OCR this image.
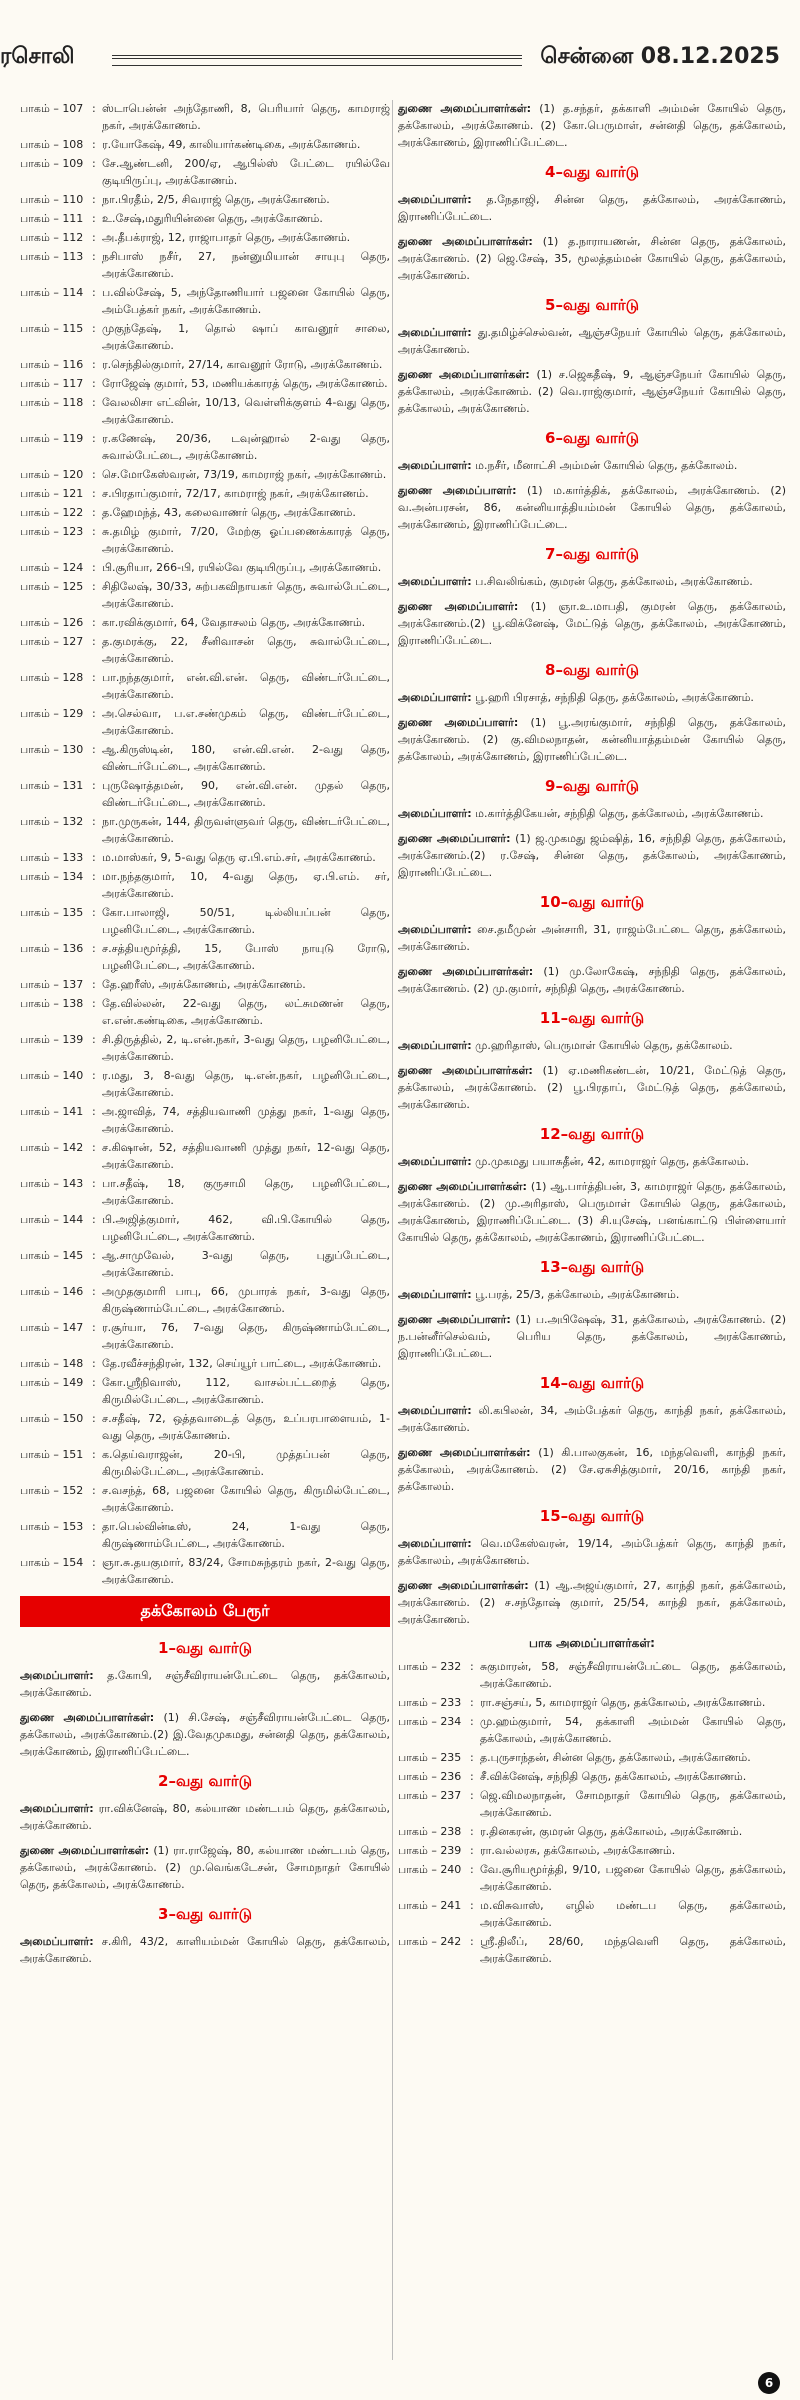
ரசொலி	சென்னை 08.12.2025
பாகம் – 107 : ஸ்டாபென்ன் அந்தோணி, 8, பெரியார் தெரு, காமராஜ் நகர், அரக்கோணம்.
பாகம் – 108 : ர.யோகேஷ், 49, காலியார்கண்டிகை, அரக்கோணம்.
பாகம் – 109 : சே.ஆண்டனி, 200/ஏ, ஆபில்ஸ் பேட்டை ரயில்வே குடியிருப்பு, அரக்கோணம்.
பாகம் – 110 : நா.பிரதீம், 2/5, சிவராஜ் தெரு, அரக்கோணம்.
பாகம் – 111 : உ.சேஷ்,மதுரியின்னை தெரு, அரக்கோணம்.
பாகம் – 112 : அ.தீபக்ராஜ், 12, ராஜாபாதர் தெரு, அரக்கோணம்.
பாகம் – 113 : நசிபாஸ் நசீர், 27, நன்னுமியான் சாயுபு தெரு, அரக்கோணம்.
பாகம் – 114 : ப.வில்சேஷ், 5, அந்தோணியார் பஜனை கோயில் தெரு, அம்பேத்கர் நகர், அரக்கோணம்.
பாகம் – 115 : முகுந்தேஷ், 1, தொல் ஷாப் காவனூர் சாலை, அரக்கோணம்.
பாகம் – 116 : ர.செந்தில்குமார், 27/14, காவனூர் ரோடு, அரக்கோணம்.
பாகம் – 117 : ரோஜேஷ் குமார், 53, மணியக்காரத் தெரு, அரக்கோணம்.
பாகம் – 118 : வேலலிசா எட்வின், 10/13, வெள்ளிக்குளம் 4-வது தெரு, அரக்கோணம்.
பாகம் – 119 : ர.கணேஷ், 20/36, டவுன்ஹால் 2-வது தெரு, சுவால்பேட்டை, அரக்கோணம்.
பாகம் – 120 : செ.மோகேஸ்வரன், 73/19, காமராஜ் நகர், அரக்கோணம்.
பாகம் – 121 : ச.பிரதாப்குமார், 72/17, காமராஜ் நகர், அரக்கோணம்.
பாகம் – 122 : த.ஹேமந்த், 43, கலைவாணர் தெரு, அரக்கோணம்.
பாகம் – 123 : சு.தமிழ் குமார், 7/20, மேற்கு ஓப்பணைக்காரத் தெரு, அரக்கோணம்.
பாகம் – 124 : பி.சூரியா, 266-பி, ரயில்வே குடியிருப்பு, அரக்கோணம்.
பாகம் – 125 : சிதிலேஷ், 30/33, சுற்பகவிநாயகர் தெரு, சுவால்பேட்டை, அரக்கோணம்.
பாகம் – 126 : கா.ரவிக்குமார், 64, வேதாசலம் தெரு, அரக்கோணம்.
பாகம் – 127 : த.குமரக்கு, 22, சீனிவாசன் தெரு, சுவால்பேட்டை, அரக்கோணம்.
பாகம் – 128 : பா.நந்தகுமார், என்.வி.என். தெரு, விண்டர்பேட்டை, அரக்கோணம்.
பாகம் – 129 : அ.செல்வா, ப.எ.சண்முகம் தெரு, விண்டர்பேட்டை, அரக்கோணம்.
பாகம் – 130 : ஆ.கிருஸ்டின், 180, என்.வி.என். 2-வது தெரு, விண்டர்பேட்டை, அரக்கோணம்.
பாகம் – 131 : புருஷோத்தமன், 90, என்.வி.என். முதல் தெரு, விண்டர்பேட்டை, அரக்கோணம்.
பாகம் – 132 : நா.முருகன், 144, திருவள்ளுவர் தெரு, விண்டர்பேட்டை, அரக்கோணம்.
பாகம் – 133 : ம.மாஸ்கர், 9, 5-வது தெரு ஏ.பி.எம்.சர், அரக்கோணம்.
பாகம் – 134 : மா.நந்தகுமார், 10, 4-வது தெரு, ஏ.பி.எம். சர், அரக்கோணம்.
பாகம் – 135 : கோ.பாலாஜி, 50/51, டில்லியப்பன் தெரு, பழனிபேட்டை, அரக்கோணம்.
பாகம் – 136 : ச.சத்தியமூர்த்தி, 15, போஸ் நாயுடு ரோடு, பழனிபேட்டை, அரக்கோணம்.
பாகம் – 137 : தே.ஹரீஸ், அரக்கோணம், அரக்கோணம்.
பாகம் – 138 : தே.வில்லன், 22-வது தெரு, லட்சுமணன் தெரு, எ.என்.கண்டிகை, அரக்கோணம்.
பாகம் – 139 : சி.திருத்தில், 2, டி.என்.நகர், 3-வது தெரு, பழனிபேட்டை, அரக்கோணம்.
பாகம் – 140 : ர.மது, 3, 8-வது தெரு, டி.என்.நகர், பழனிபேட்டை, அரக்கோணம்.
பாகம் – 141 : அ.ஜாவித், 74, சத்தியவாணி முத்து நகர், 1-வது தெரு, அரக்கோணம்.
பாகம் – 142 : ச.கிஷான், 52, சத்தியவாணி முத்து நகர், 12-வது தெரு, அரக்கோணம்.
பாகம் – 143 : பா.சதீஷ், 18, குருசாமி தெரு, பழனிபேட்டை, அரக்கோணம்.
பாகம் – 144 : பி.அஜித்குமார், 462, வி.பி.கோயில் தெரு, பழனிபேட்டை, அரக்கோணம்.
பாகம் – 145 : ஆ.சாமுவேல், 3-வது தெரு, புதுப்பேட்டை, அரக்கோணம்.
பாகம் – 146 : அமுதகுமாரி பாபு, 66, முபாரக் நகர், 3-வது தெரு, கிருஷ்ணாம்பேட்டை, அரக்கோணம்.
பாகம் – 147 : ர.சூர்யா, 76, 7-வது தெரு, கிருஷ்ணாம்பேட்டை, அரக்கோணம்.
பாகம் – 148 : தே.ரவீச்சந்திரன், 132, செய்யூர் பாட்டை, அரக்கோணம்.
பாகம் – 149 : கோ.ஸ்ரீநிவாஸ், 112, வாசல்பட்டறைத் தெரு, கிருமில்பேட்டை, அரக்கோணம்.
பாகம் – 150 : ச.சதீஷ், 72, ஒத்தவாடைத் தெரு, உப்பரபாளையம், 1-வது தெரு, அரக்கோணம்.
பாகம் – 151 : க.தெய்வராஜன், 20-பி, முத்தப்பன் தெரு, கிருமில்பேட்டை, அரக்கோணம்.
பாகம் – 152 : ச.வசந்த், 68, பஜனை கோயில் தெரு, கிருமில்பேட்டை, அரக்கோணம்.
பாகம் – 153 : தா.பெல்வின்டீஸ், 24, 1-வது தெரு, கிருஷ்ணாம்பேட்டை, அரக்கோணம்.
பாகம் – 154 : ஞா.சு.தயகுமார், 83/24, சோமசுந்தரம் நகர், 2-வது தெரு, அரக்கோணம்.
தக்கோலம் பேரூர்
1–வது வார்டு

அமைப்பாளர்: த.கோபி, சஞ்சீவிராயன்பேட்டை தெரு, தக்கோலம், அரக்கோணம்.

துணை அமைப்பாளர்கள்: (1) சி.சேஷ், சஞ்சீவிராயன்பேட்டை தெரு, தக்கோலம், அரக்கோணம்.(2) இ.வேதமுகமது, சன்னதி தெரு, தக்கோலம், அரக்கோணம், இராணிப்பேட்டை.

2–வது வார்டு

அமைப்பாளர்: ரா.விக்னேஷ், 80, கல்யாண மண்டபம் தெரு, தக்கோலம், அரக்கோணம்.

துணை அமைப்பாளர்கள்: (1) ரா.ராஜேஷ், 80, கல்யாண மண்டபம் தெரு, தக்கோலம், அரக்கோணம். (2) மு.வெங்கடேசன், சோமநாதர் கோயில் தெரு, தக்கோலம், அரக்கோணம்.

3–வது வார்டு

அமைப்பாளர்: ச.கிரி, 43/2, காளியம்மன் கோயில் தெரு, தக்கோலம், அரக்கோணம்.

துணை அமைப்பாளர்கள்: (1) த.சந்தர், தக்காளி அம்மன் கோயில் தெரு, தக்கோலம், அரக்கோணம். (2) கோ.பெருமாள், சன்னதி தெரு, தக்கோலம், அரக்கோணம், இராணிப்பேட்டை.

4–வது வார்டு

அமைப்பாளர்: த.நேதாஜி, சின்ன தெரு, தக்கோலம், அரக்கோணம், இராணிப்பேட்டை.

துணை அமைப்பாளர்கள்: (1) த.நாராயணன், சின்ன தெரு, தக்கோலம், அரக்கோணம். (2) ஜெ.சேஷ், 35, மூலத்தம்மன் கோயில் தெரு, தக்கோலம், அரக்கோணம்.

5–வது வார்டு

அமைப்பாளர்: து.தமிழ்ச்செல்வன், ஆஞ்சநேயர் கோயில் தெரு, தக்கோலம், அரக்கோணம்.

துணை அமைப்பாளர்கள்: (1) ச.ஜெகதீஷ், 9, ஆஞ்சநேயர் கோயில் தெரு, தக்கோலம், அரக்கோணம். (2) வெ.ராஜ்குமார், ஆஞ்சநேயர் கோயில் தெரு, தக்கோலம், அரக்கோணம்.

6–வது வார்டு

அமைப்பாளர்: ம.நசீர், மீனாட்சி அம்மன் கோயில் தெரு, தக்கோலம்.

துணை அமைப்பாளர்: (1) ம.கார்த்திக், தக்கோலம், அரக்கோணம். (2) வ.அன்பரசன், 86, கன்னியாத்தியம்மன் கோயில் தெரு, தக்கோலம், அரக்கோணம், இராணிப்பேட்டை.

7–வது வார்டு

அமைப்பாளர்: ப.சிவலிங்கம், குமரன் தெரு, தக்கோலம், அரக்கோணம்.

துணை அமைப்பாளர்: (1) ஞா.உ.மாபதி, குமரன் தெரு, தக்கோலம், அரக்கோணம்.(2) பூ.விக்னேஷ், மேட்டுத் தெரு, தக்கோலம், அரக்கோணம், இராணிப்பேட்டை.

8–வது வார்டு

அமைப்பாளர்: பூ.ஹரி பிரசாத், சந்நிதி தெரு, தக்கோலம், அரக்கோணம்.

துணை அமைப்பாளர்: (1) பூ.அரங்குமார், சந்நிதி தெரு, தக்கோலம், அரக்கோணம். (2) கு.விமலநாதன், கன்னியாத்தம்மன் கோயில் தெரு, தக்கோலம், அரக்கோணம், இராணிப்பேட்டை.

9–வது வார்டு

அமைப்பாளர்: ம.கார்த்திகேயன், சந்நிதி தெரு, தக்கோலம், அரக்கோணம்.

துணை அமைப்பாளர்: (1) ஜ.முகமது ஜம்ஷித், 16, சந்நிதி தெரு, தக்கோலம், அரக்கோணம்.(2) ர.சேஷ், சின்ன தெரு, தக்கோலம், அரக்கோணம், இராணிப்பேட்டை.

10–வது வார்டு

அமைப்பாளர்: சை.தமீமுன் அன்சாரி, 31, ராஜம்பேட்டை தெரு, தக்கோலம், அரக்கோணம்.

துணை அமைப்பாளர்கள்: (1) மு.லோகேஷ், சந்நிதி தெரு, தக்கோலம், அரக்கோணம். (2) மு.குமார், சந்நிதி தெரு, அரக்கோணம்.

11–வது வார்டு

அமைப்பாளர்: மு.ஹரிதாஸ், பெருமாள் கோயில் தெரு, தக்கோலம்.

துணை அமைப்பாளர்கள்: (1) ஏ.மணிகண்டன், 10/21, மேட்டுத் தெரு, தக்கோலம், அரக்கோணம். (2) பூ.பிரதாப், மேட்டுத் தெரு, தக்கோலம், அரக்கோணம்.

12–வது வார்டு

அமைப்பாளர்: மு.முகமது பயாசுதீன், 42, காமராஜர் தெரு, தக்கோலம்.

துணை அமைப்பாளர்கள்: (1) ஆ.பார்த்திபன், 3, காமராஜர் தெரு, தக்கோலம், அரக்கோணம். (2) மு.அரிதாஸ், பெருமாள் கோயில் தெரு, தக்கோலம், அரக்கோணம், இராணிப்பேட்டை. (3) சி.யுசேஷ், பனங்காட்டு பிள்ளையார் கோயில் தெரு, தக்கோலம், அரக்கோணம், இராணிப்பேட்டை.

13–வது வார்டு

அமைப்பாளர்: பூ.பரத், 25/3, தக்கோலம், அரக்கோணம்.

துணை அமைப்பாளர்: (1) ப.அபிஷேஷ், 31, தக்கோலம், அரக்கோணம். (2) ந.பன்னீர்செல்வம், பெரிய தெரு, தக்கோலம், அரக்கோணம், இராணிப்பேட்டை.

14–வது வார்டு

அமைப்பாளர்: லி.கபிலன், 34, அம்பேத்கர் தெரு, காந்தி நகர், தக்கோலம், அரக்கோணம்.

துணை அமைப்பாளர்கள்: (1) கி.பாலகுகன், 16, மந்தவெளி, காந்தி நகர், தக்கோலம், அரக்கோணம். (2) சே.ஏசுசித்குமார், 20/16, காந்தி நகர், தக்கோலம்.

15–வது வார்டு

அமைப்பாளர்: வெ.மகேஸ்வரன், 19/14, அம்பேத்கர் தெரு, காந்தி நகர், தக்கோலம், அரக்கோணம்.

துணை அமைப்பாளர்கள்: (1) ஆ.அஜய்குமார், 27, காந்தி நகர், தக்கோலம், அரக்கோணம். (2) ச.சந்தோஷ் குமார், 25/54, காந்தி நகர், தக்கோலம், அரக்கோணம்.

பாக அமைப்பாளர்கள்:
பாகம் – 232 : சுகுமாரன், 58, சஞ்சீவிராயன்பேட்டை தெரு, தக்கோலம், அரக்கோணம்.
பாகம் – 233 : ரா.சஞ்சய், 5, காமராஜர் தெரு, தக்கோலம், அரக்கோணம்.
பாகம் – 234 : மு.ஹம்குமார், 54, தக்காளி அம்மன் கோயில் தெரு, தக்கோலம், அரக்கோணம்.
பாகம் – 235 : த.புருசாந்தன், சின்ன தெரு, தக்கோலம், அரக்கோணம்.
பாகம் – 236 : சீ.விக்னேஷ், சந்நிதி தெரு, தக்கோலம், அரக்கோணம்.
பாகம் – 237 : ஜெ.விமலநாதன், சோமநாதர் கோயில் தெரு, தக்கோலம், அரக்கோணம்.
பாகம் – 238 : ர.தினகரன், குமரன் தெரு, தக்கோலம், அரக்கோணம்.
பாகம் – 239 : ரா.வல்லரசு, தக்கோலம், அரக்கோணம்.
பாகம் – 240 : வே.சூரியமூர்த்தி, 9/10, பஜனை கோயில் தெரு, தக்கோலம், அரக்கோணம்.
பாகம் – 241 : ம.விசுவாஸ், எழில் மண்டப தெரு, தக்கோலம், அரக்கோணம்.
பாகம் – 242 : ஸ்ரீ.திலீப், 28/60, மந்தவெளி தெரு, தக்கோலம், அரக்கோணம்.
6
